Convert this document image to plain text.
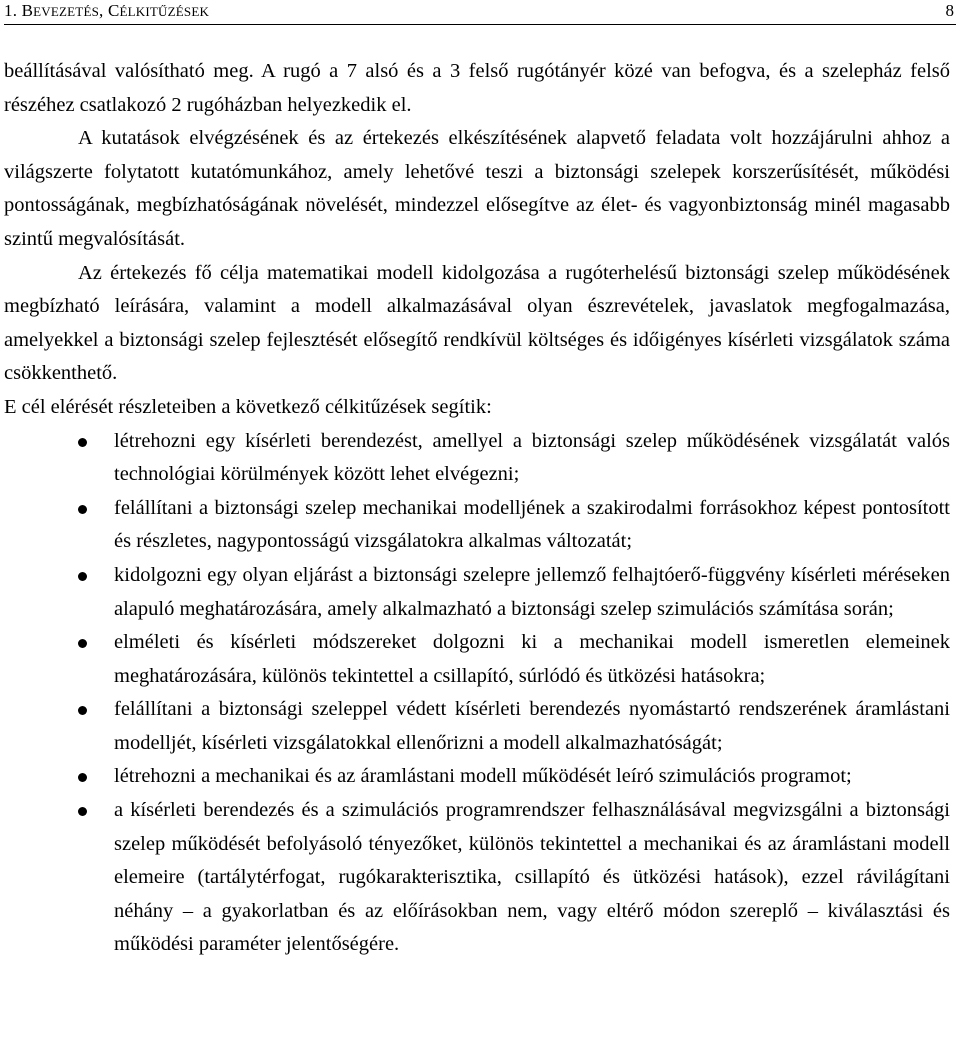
1. BEVEZETÉS, CÉLKITŰZÉSEK	8

beállításával valósítható meg. A rugó a 7 alsó és a 3 felső rugótányér közé van befogva, és a szelepház felső részéhez csatlakozó 2 rugóházban helyezkedik el.

A kutatások elvégzésének és az értekezés elkészítésének alapvető feladata volt hozzájárulni ahhoz a világszerte folytatott kutatómunkához, amely lehetővé teszi a biztonsági szelepek korszerűsítését, működési pontosságának, megbízhatóságának növelését, mindezzel elősegítve az élet- és vagyonbiztonság minél magasabb szintű megvalósítását.

Az értekezés fő célja matematikai modell kidolgozása a rugóterhelésű biztonsági szelep működésének megbízható leírására, valamint a modell alkalmazásával olyan észrevételek, javaslatok megfogalmazása, amelyekkel a biztonsági szelep fejlesztését elősegítő rendkívül költséges és időigényes kísérleti vizsgálatok száma csökkenthető.

E cél elérését részleteiben a következő célkitűzések segítik:

létrehozni egy kísérleti berendezést, amellyel a biztonsági szelep működésének vizsgálatát valós technológiai körülmények között lehet elvégezni;
felállítani a biztonsági szelep mechanikai modelljének a szakirodalmi forrásokhoz képest pontosított és részletes, nagypontosságú vizsgálatokra alkalmas változatát;
kidolgozni egy olyan eljárást a biztonsági szelepre jellemző felhajtóerő-függvény kísérleti méréseken alapuló meghatározására, amely alkalmazható a biztonsági szelep szimulációs számítása során;
elméleti és kísérleti módszereket dolgozni ki a mechanikai modell ismeretlen elemeinek meghatározására, különös tekintettel a csillapító, súrlódó és ütközési hatásokra;
felállítani a biztonsági szeleppel védett kísérleti berendezés nyomástartó rendszerének áramlástani modelljét, kísérleti vizsgálatokkal ellenőrizni a modell alkalmazhatóságát;
létrehozni a mechanikai és az áramlástani modell működését leíró szimulációs programot;
a kísérleti berendezés és a szimulációs programrendszer felhasználásával megvizsgálni a biztonsági szelep működését befolyásoló tényezőket, különös tekintettel a mechanikai és az áramlástani modell elemeire (tartálytérfogat, rugókarakterisztika, csillapító és ütközési hatások), ezzel rávilágítani néhány – a gyakorlatban és az előírásokban nem, vagy eltérő módon szereplő – kiválasztási és működési paraméter jelentőségére.
